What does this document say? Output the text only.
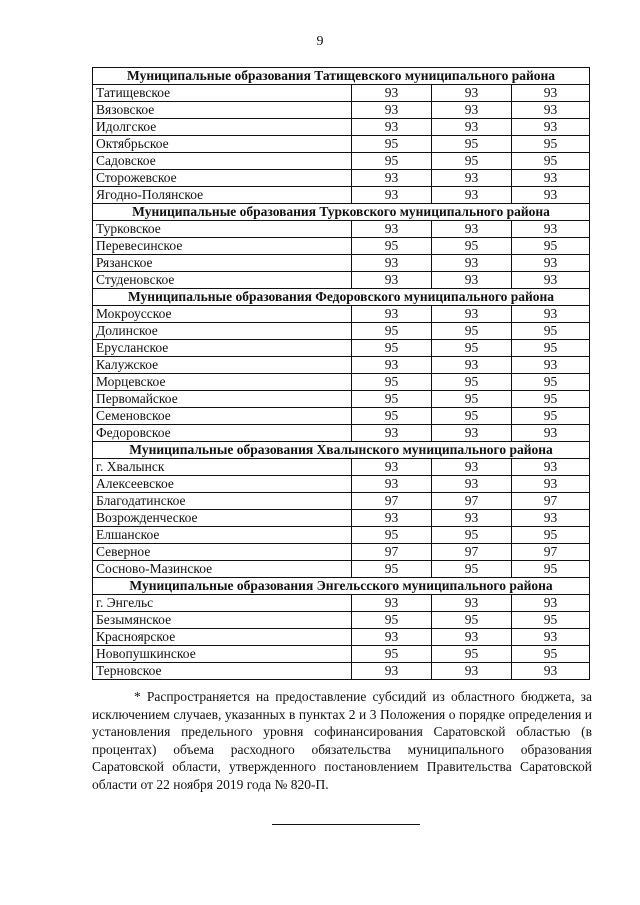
9
Муниципальные образования Татищевского муниципального района			
Татищевское	93	93	93
Вязовское	93	93	93
Идолгское	93	93	93
Октябрьское	95	95	95
Садовское	95	95	95
Сторожевское	93	93	93
Ягодно-Полянское	93	93	93
Муниципальные образования Турковского муниципального района			
Турковское	93	93	93
Перевесинское	95	95	95
Рязанское	93	93	93
Студеновское	93	93	93
Муниципальные образования Федоровского муниципального района			
Мокроусское	93	93	93
Долинское	95	95	95
Ерусланское	95	95	95
Калужское	93	93	93
Морцевское	95	95	95
Первомайское	95	95	95
Семеновское	95	95	95
Федоровское	93	93	93
Муниципальные образования Хвалынского муниципального района			
г. Хвалынск	93	93	93
Алексеевское	93	93	93
Благодатинское	97	97	97
Возрожденческое	93	93	93
Елшанское	95	95	95
Северное	97	97	97
Сосново-Мазинское	95	95	95
Муниципальные образования Энгельсского муниципального района			
г. Энгельс	93	93	93
Безымянское	95	95	95
Красноярское	93	93	93
Новопушкинское	95	95	95
Терновское	93	93	93
* Распространяется на предоставление субсидий из областного бюджета, за исключением случаев, указанных в пунктах 2 и 3 Положения о порядке определения и установления предельного уровня софинансирования Саратовской областью (в процентах) объема расходного обязательства муниципального образования Саратовской области, утвержденного постановлением Правительства Саратовской области от 22 ноября 2019 года № 820-П.
